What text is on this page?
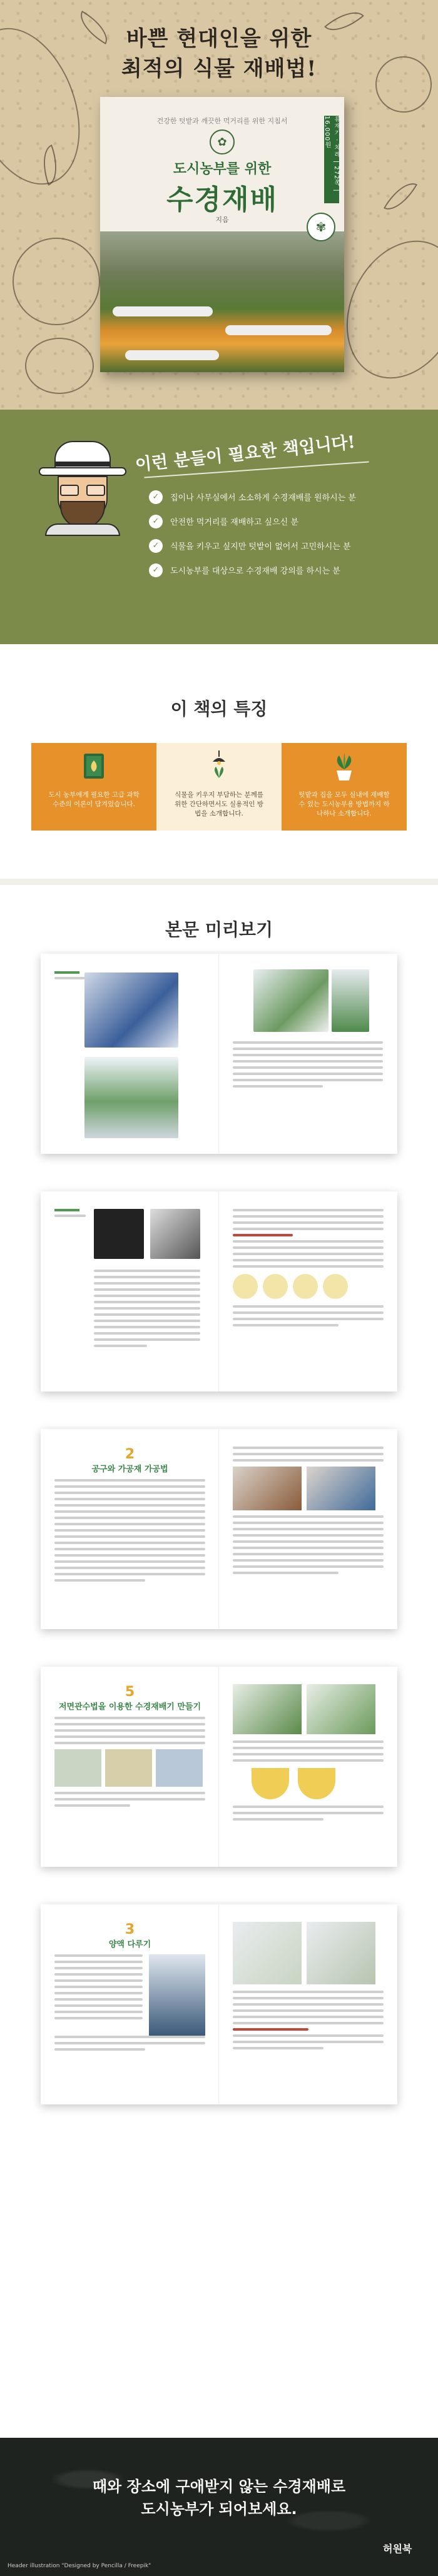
바쁜 현대인을 위한
최적의 식물 재배법!
건강한 텃밭과 깨끗한 먹거리를 위한 지침서
✿
도시농부를 위한
수경재배
지음
류재기 · 차례 | 272쪽 | 16,000원
✾
이런 분들이 필요한 책입니다!
✓	집이나 사무실에서 소소하게 수경재배를 원하시는 분
✓	안전한 먹거리를 재배하고 싶으신 분
✓	식물을 키우고 싶지만 텃밭이 없어서 고민하시는 분
✓	도시농부를 대상으로 수경재배 강의를 하시는 분
이 책의 특징
도시 농부에게 필요한 고급 과학 수준의 이론이 담겨있습니다.
식물을 키우지 부담하는 분께를 위한 간단하면서도 실용적인 방법을 소개합니다.
텃밭과 집을 모두 실내에 재배할 수 있는 도시농부용 방법까지 하나하나 소개합니다.
본문 미리보기
2
공구와 가공재 가공법
5
저면관수법을 이용한 수경재배기 만들기
3
양액 다루기
때와 장소에 구애받지 않는 수경재배로
도시농부가 되어보세요.
허원북
Header illustration "Designed by Pencilla / Freepik"
